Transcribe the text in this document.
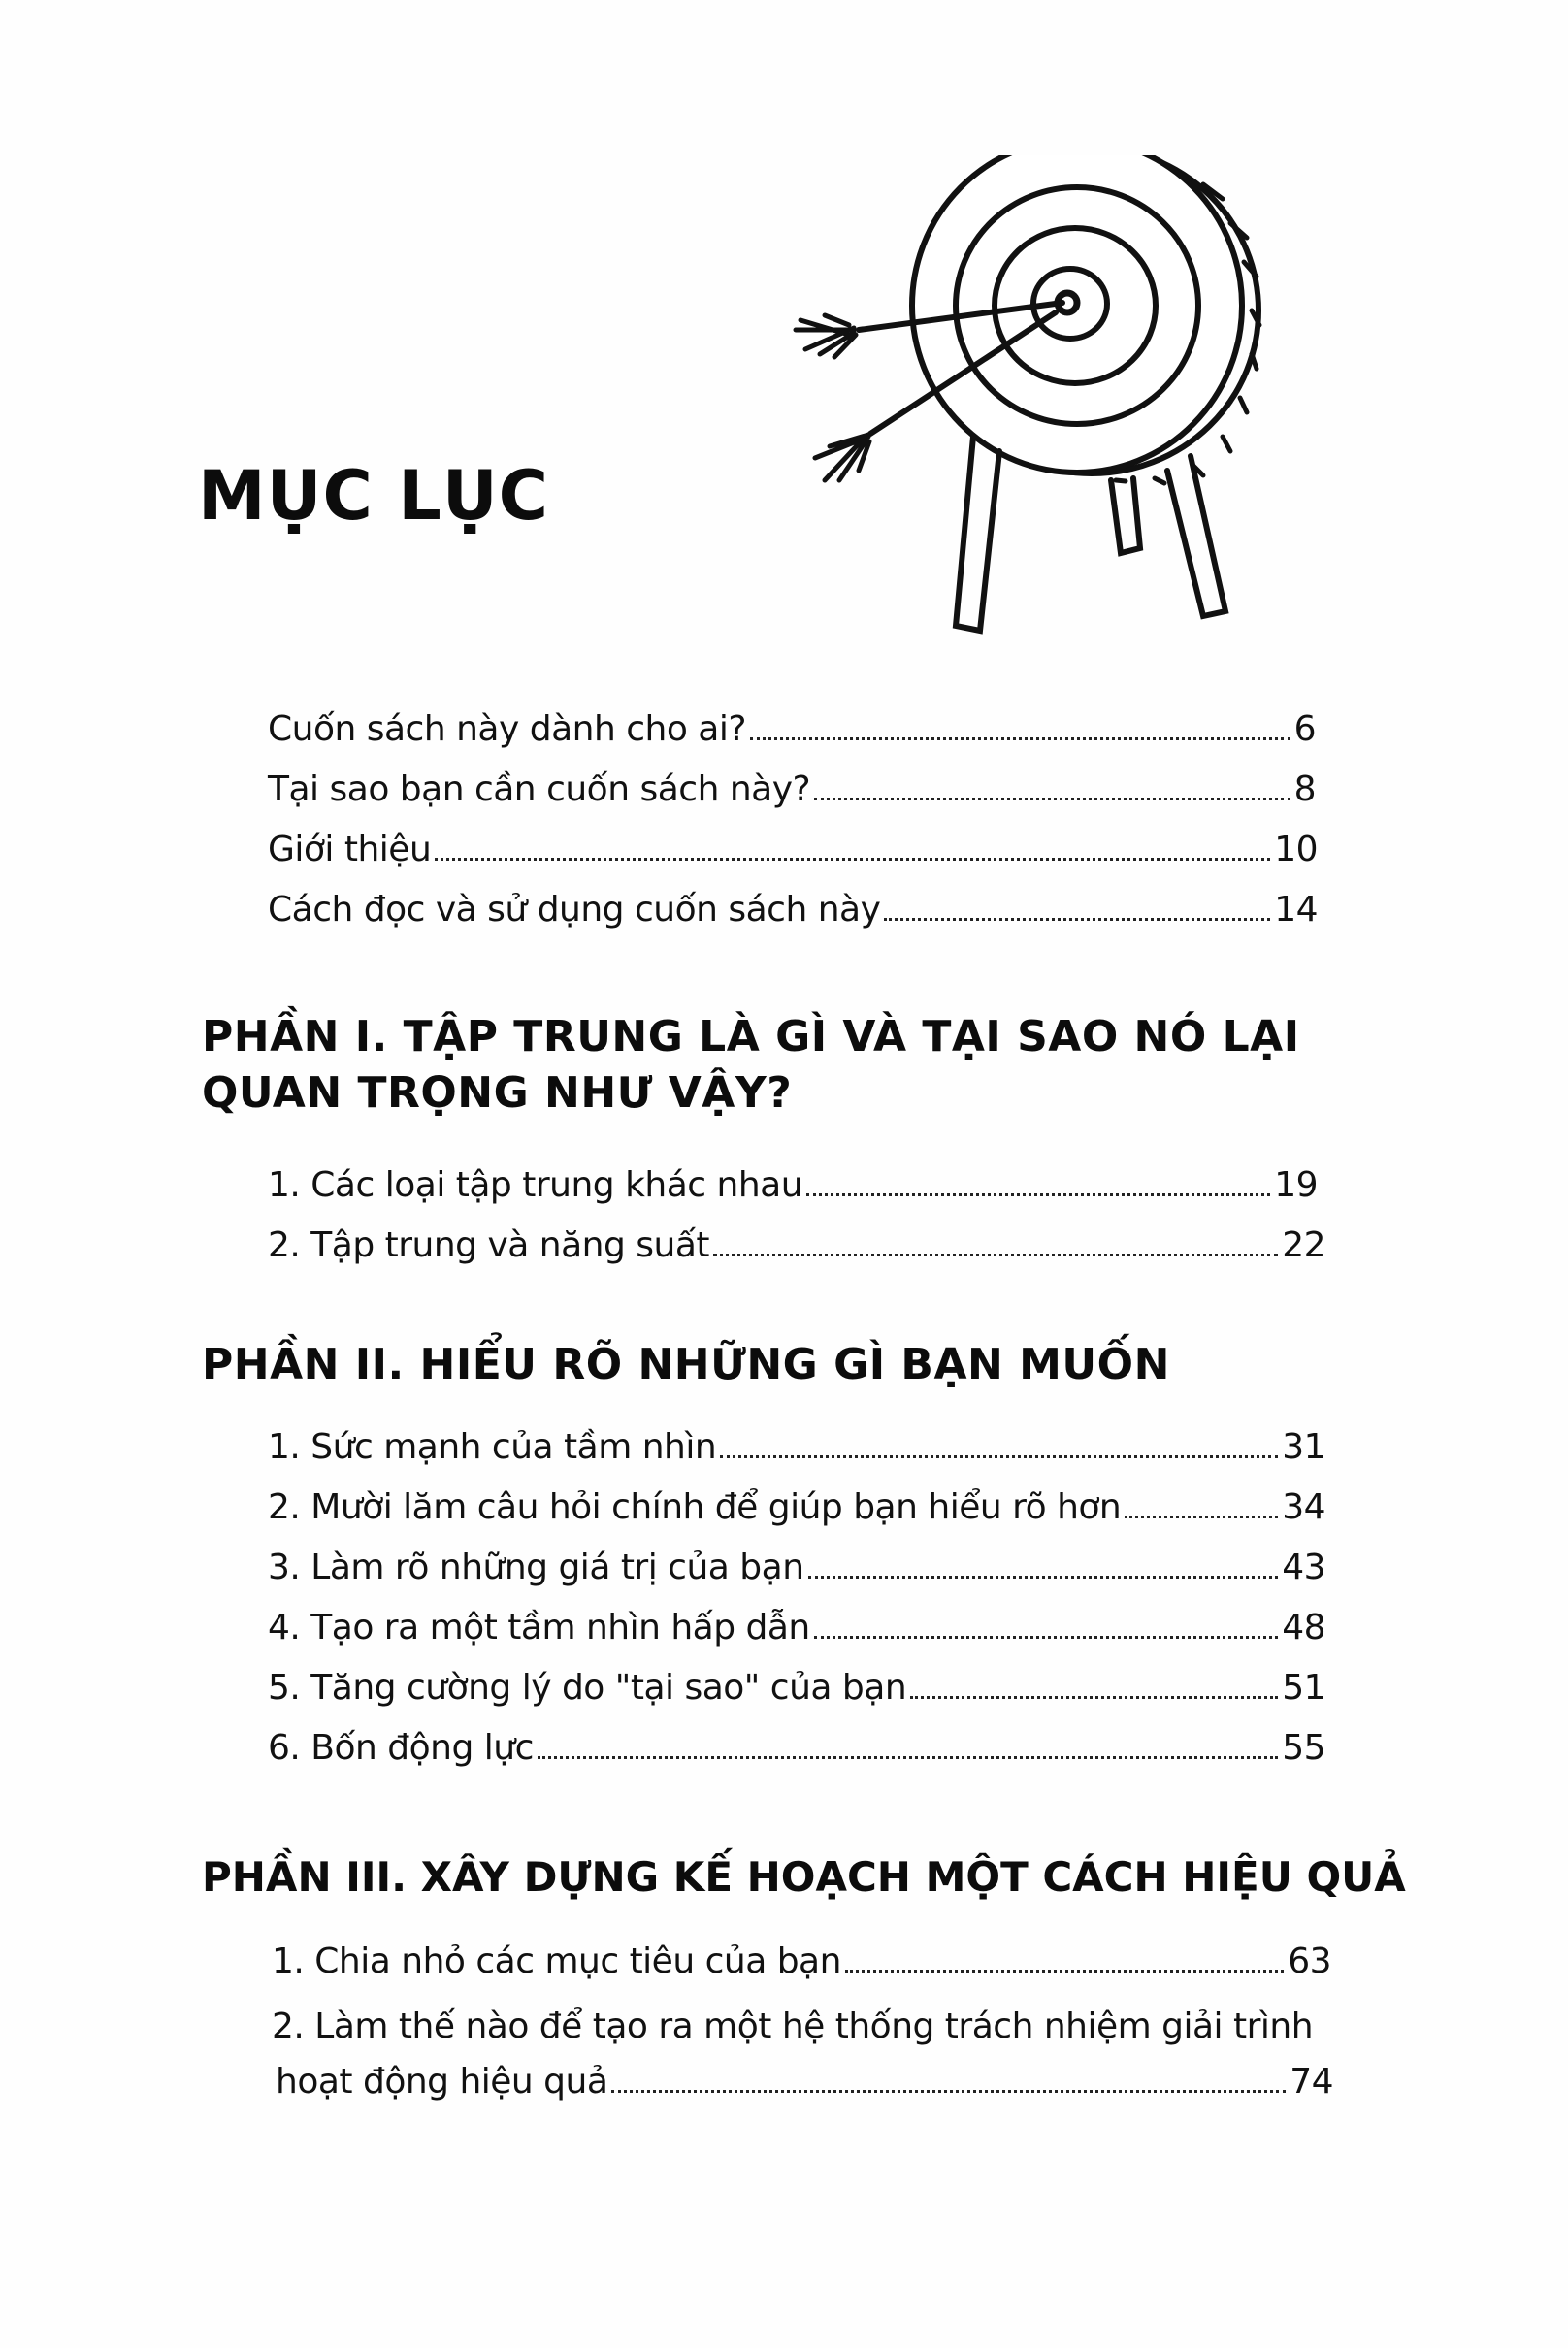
MỤC LỤC
Cuốn sách này dành cho ai?	6
Tại sao bạn cần cuốn sách này?	8
Giới thiệu	10
Cách đọc và sử dụng cuốn sách này	14
PHẦN I. TẬP TRUNG LÀ GÌ VÀ TẠI SAO NÓ LẠI
QUAN TRỌNG NHƯ VẬY?
1. Các loại tập trung khác nhau	19
2. Tập trung và năng suất	22
PHẦN II. HIỂU RÕ NHỮNG GÌ BẠN MUỐN
1. Sức mạnh của tầm nhìn	31
2. Mười lăm câu hỏi chính để giúp bạn hiểu rõ hơn	34
3. Làm rõ những giá trị của bạn	43
4. Tạo ra một tầm nhìn hấp dẫn	48
5. Tăng cường lý do "tại sao" của bạn	51
6. Bốn động lực	55
PHẦN III. XÂY DỰNG KẾ HOẠCH MỘT CÁCH HIỆU QUẢ
1. Chia nhỏ các mục tiêu của bạn	63
2. Làm thế nào để tạo ra một hệ thống trách nhiệm giải trình
hoạt động hiệu quả	74
